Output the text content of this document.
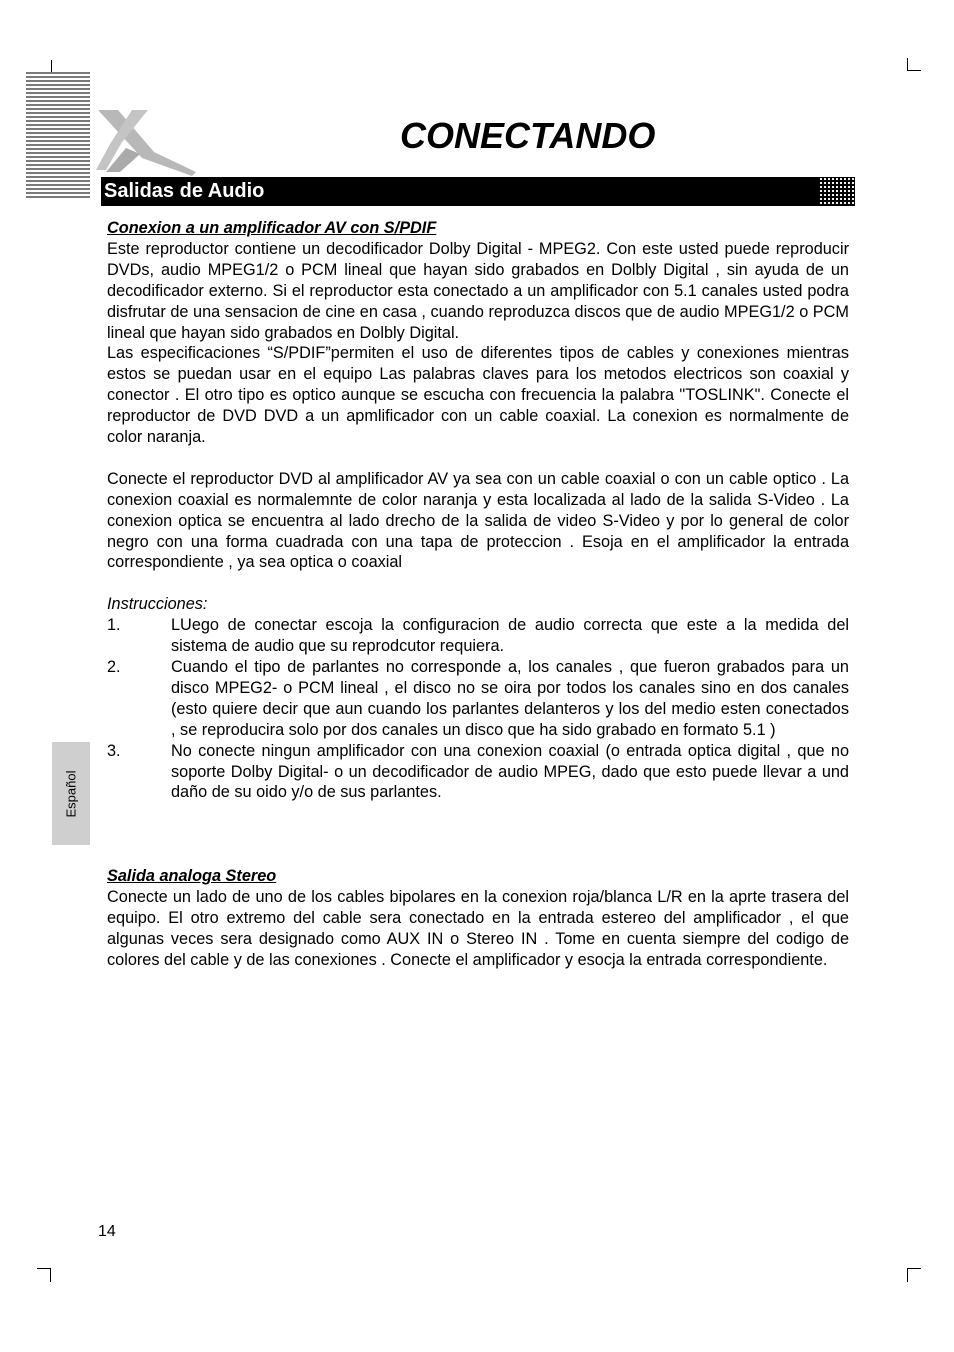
CONECTANDO
Salidas de Audio

Conexion a un amplificador AV con S/PDIF

Este reproductor contiene un decodificador Dolby Digital - MPEG2. Con este usted puede reproducir DVDs, audio MPEG1/2 o PCM lineal que hayan sido grabados en Dolbly Digital , sin ayuda de un decodificador externo. Si el reproductor esta conectado a un amplificador con 5.1 canales usted podra disfrutar de una sensacion de cine en casa , cuando reproduzca discos que de audio MPEG1/2 o PCM lineal que hayan sido grabados en Dolbly Digital.

Las especificaciones “S/PDIF”permiten el uso de diferentes tipos de cables y conexiones mientras estos se puedan usar en el equipo Las palabras claves para los metodos electricos son coaxial y conector . El otro tipo es optico aunque se escucha con frecuencia la palabra "TOSLINK". Conecte el reproductor de DVD DVD a un apmlificador con un cable coaxial. La conexion es normalmente de color naranja.

Conecte el reproductor DVD al amplificador AV ya sea con un cable coaxial o con un cable optico . La conexion coaxial es normalemnte de color naranja y esta localizada al lado de la salida S-Video . La conexion optica se encuentra al lado drecho de la salida de video S-Video y por lo general de color negro con una forma cuadrada con una tapa de proteccion . Esoja en el amplificador la entrada correspondiente , ya sea optica o coaxial

Instrucciones:

1.	LUego de conectar escoja la configuracion de audio correcta que este a la medida del sistema de audio que su reprodcutor requiera.
2.	Cuando el tipo de parlantes no corresponde a, los canales , que fueron grabados para un disco MPEG2- o PCM lineal , el disco no se oira por todos los canales sino en dos canales (esto quiere decir que aun cuando los parlantes delanteros y los del medio esten conectados , se reproducira solo por dos canales un disco que ha sido grabado en formato 5.1 )
3.	No conecte ningun amplificador con una conexion coaxial (o entrada optica digital , que no soporte Dolby Digital- o un decodificador de audio MPEG, dado que esto puede llevar a und daño de su oido y/o de sus parlantes.

Salida analoga Stereo

Conecte un lado de uno de los cables bipolares en la conexion roja/blanca L/R en la aprte trasera del equipo. El otro extremo del cable sera conectado en la entrada estereo del amplificador , el que algunas veces sera designado como AUX IN o Stereo IN . Tome en cuenta siempre del codigo de colores del cable y de las conexiones . Conecte el amplificador y esocja la entrada correspondiente.

Español
14
